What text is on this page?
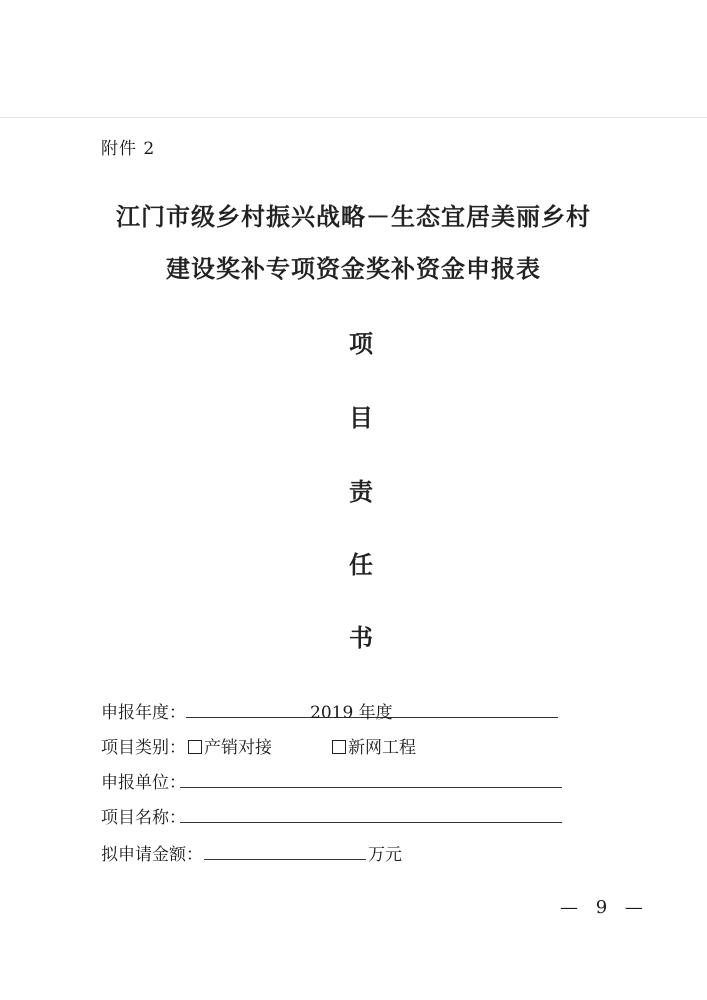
附件 2
江门市级乡村振兴战略－生态宜居美丽乡村
建设奖补专项资金奖补资金申报表
项
目
责
任
书
申报年度：	2019 年度
项目类别：	产销对接	新网工程
申报单位：
项目名称：
拟申请金额：	万元
— 9 —
